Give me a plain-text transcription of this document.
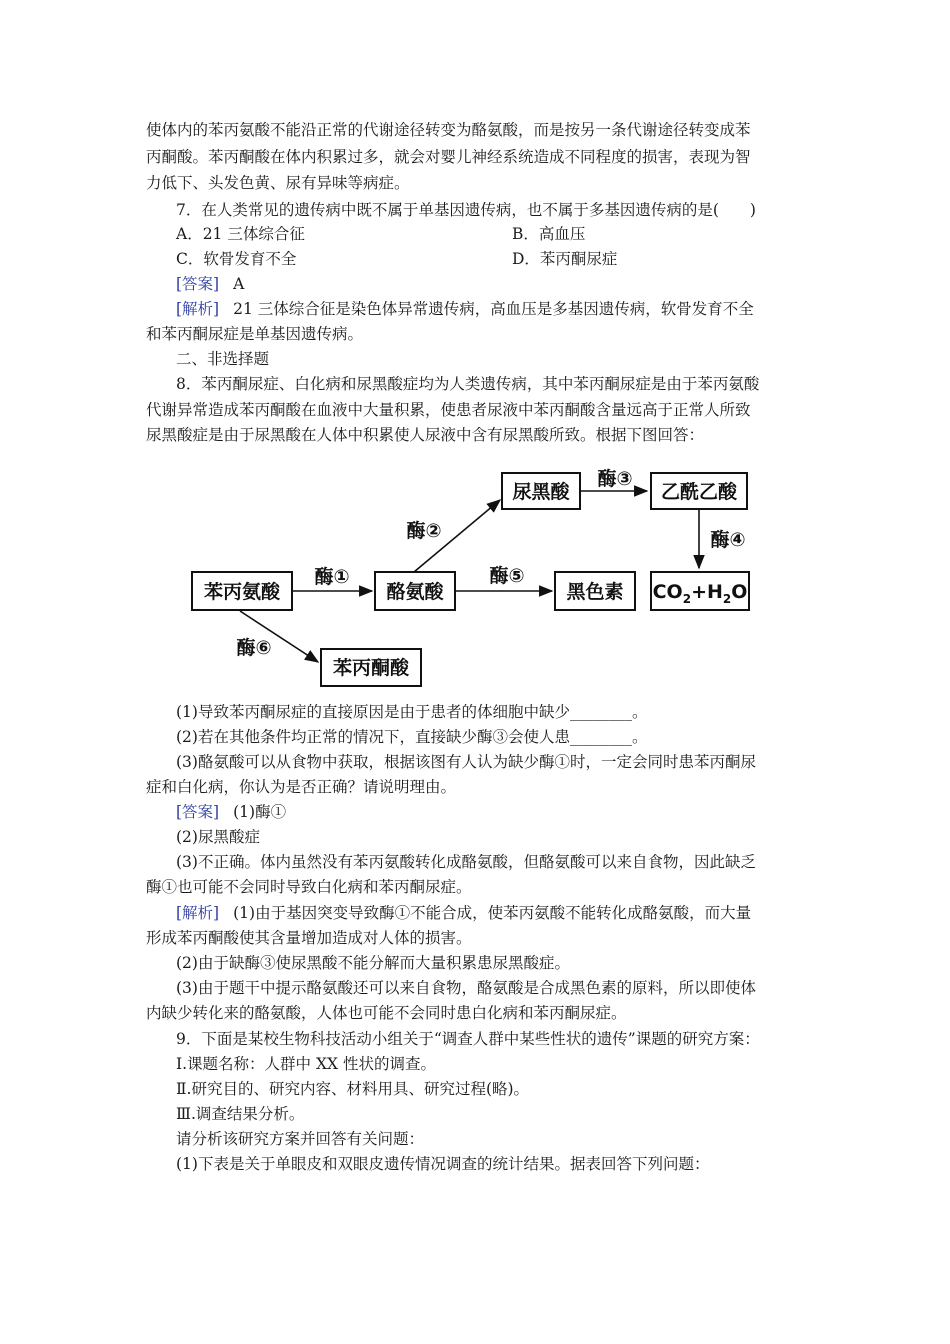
使体内的苯丙氨酸不能沿正常的代谢途径转变为酪氨酸，而是按另一条代谢途径转变成苯
丙酮酸。苯丙酮酸在体内积累过多，就会对婴儿神经系统造成不同程度的损害，表现为智
力低下、头发色黄、尿有异味等病症。
7．在人类常见的遗传病中既不属于单基因遗传病，也不属于多基因遗传病的是(　　)
A．21 三体综合征	B．高血压
C．软骨发育不全	D．苯丙酮尿症
[答案] A
[解析] 21 三体综合征是染色体异常遗传病，高血压是多基因遗传病，软骨发育不全
和苯丙酮尿症是单基因遗传病。
二、非选择题
8．苯丙酮尿症、白化病和尿黑酸症均为人类遗传病，其中苯丙酮尿症是由于苯丙氨酸
代谢异常造成苯丙酮酸在血液中大量积累，使患者尿液中苯丙酮酸含量远高于正常人所致
尿黑酸症是由于尿黑酸在人体中积累使人尿液中含有尿黑酸所致。根据下图回答：
苯丙氨酸	酪氨酸
尿黑酸	乙酰乙酸
黑色素 $CO_2+H_2O$
苯丙酮酸
酶①
酶②
酶③
酶④
酶⑤
酶⑥
(1)导致苯丙酮尿症的直接原因是由于患者的体细胞中缺少________。
(2)若在其他条件均正常的情况下，直接缺少酶③会使人患________。
(3)酪氨酸可以从食物中获取，根据该图有人认为缺少酶①时，一定会同时患苯丙酮尿
症和白化病，你认为是否正确？请说明理由。
[答案] (1)酶①
(2)尿黑酸症
(3)不正确。体内虽然没有苯丙氨酸转化成酪氨酸，但酪氨酸可以来自食物，因此缺乏
酶①也可能不会同时导致白化病和苯丙酮尿症。
[解析] (1)由于基因突变导致酶①不能合成，使苯丙氨酸不能转化成酪氨酸，而大量
形成苯丙酮酸使其含量增加造成对人体的损害。
(2)由于缺酶③使尿黑酸不能分解而大量积累患尿黑酸症。
(3)由于题干中提示酪氨酸还可以来自食物，酪氨酸是合成黑色素的原料，所以即使体
内缺少转化来的酪氨酸，人体也可能不会同时患白化病和苯丙酮尿症。
9．下面是某校生物科技活动小组关于“调查人群中某些性状的遗传”课题的研究方案：
Ⅰ.课题名称：人群中 XX 性状的调查。
Ⅱ.研究目的、研究内容、材料用具、研究过程(略)。
Ⅲ.调查结果分析。
请分析该研究方案并回答有关问题：
(1)下表是关于单眼皮和双眼皮遗传情况调查的统计结果。据表回答下列问题：
